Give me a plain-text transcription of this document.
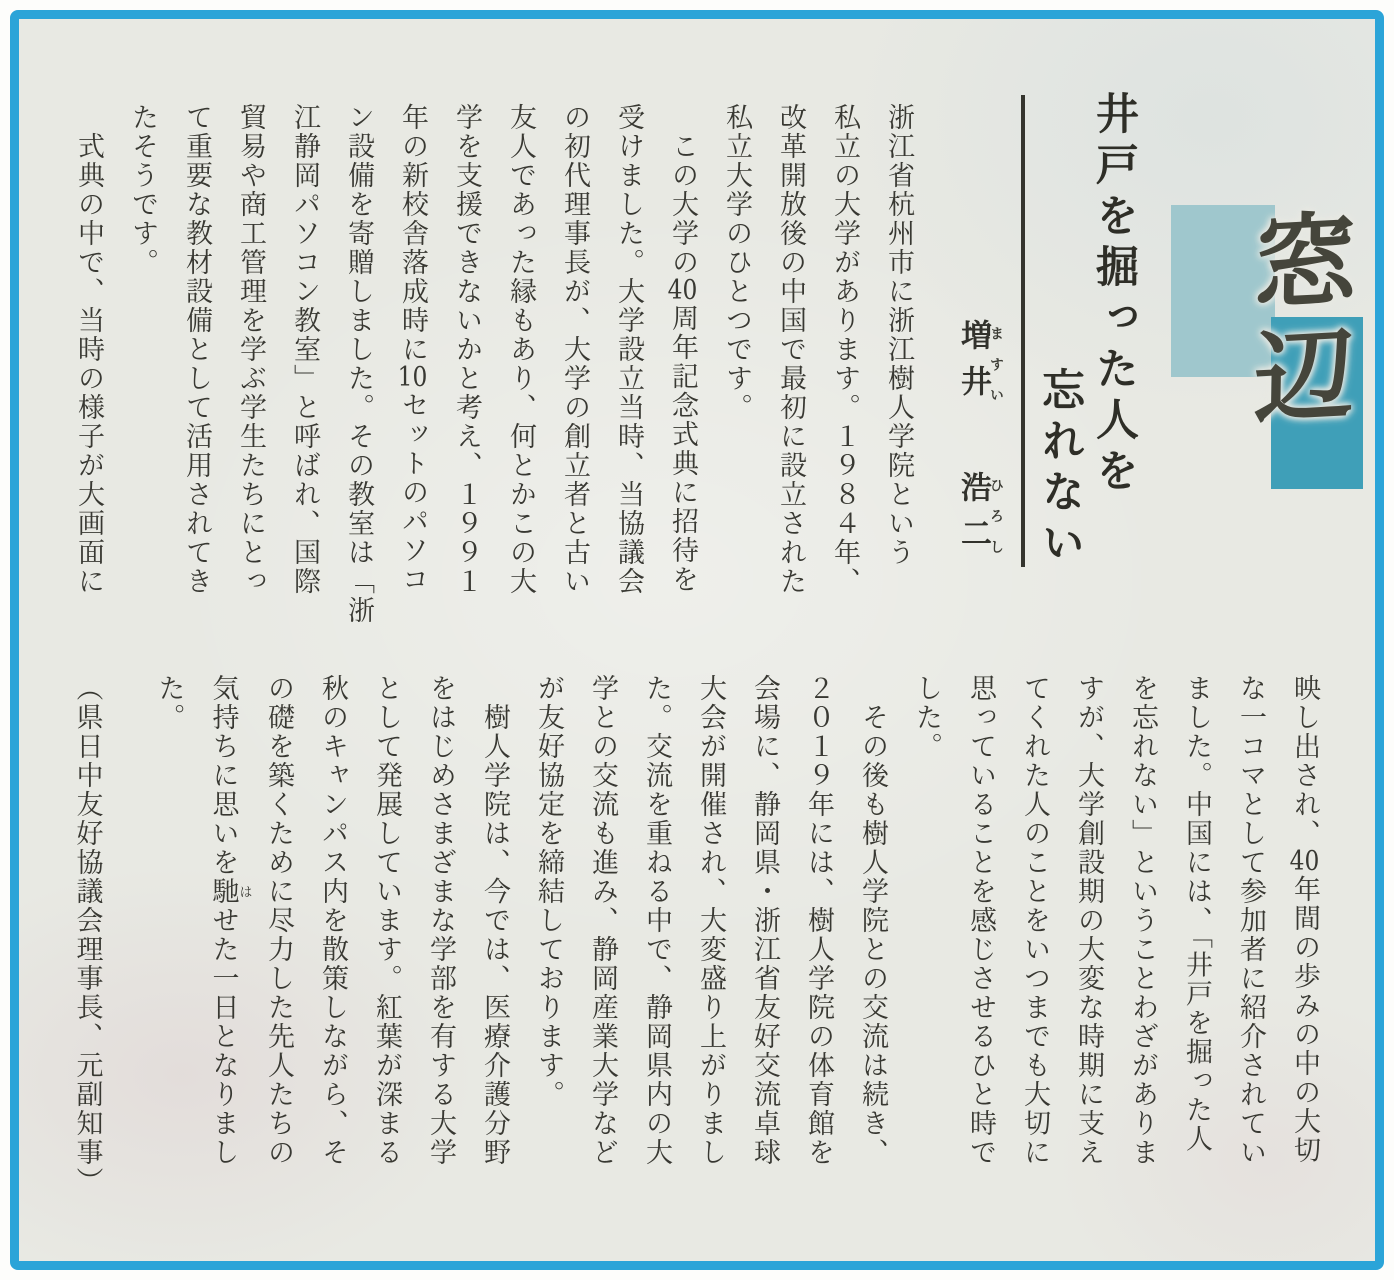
窓辺
井戸を掘った人を
忘れない
増井ますい 浩二ひろし
浙江省杭州市に浙江樹人学院という
私立の大学があります。１９８４年、
改革開放後の中国で最初に設立された
私立大学のひとつです。
　この大学の40周年記念式典に招待を
受けました。大学設立当時、当協議会
の初代理事長が、大学の創立者と古い
友人であった縁もあり、何とかこの大
学を支援できないかと考え、１９９１
年の新校舎落成時に10セットのパソコ
ン設備を寄贈しました。その教室は「浙
江静岡パソコン教室」と呼ばれ、国際
貿易や商工管理を学ぶ学生たちにとっ
て重要な教材設備として活用されてき
たそうです。
　式典の中で、当時の様子が大画面に
映し出され、40年間の歩みの中の大切
な一コマとして参加者に紹介されてい
ました。中国には、「井戸を掘った人
を忘れない」ということわざがありま
すが、大学創設期の大変な時期に支え
てくれた人のことをいつまでも大切に
思っていることを感じさせるひと時で
した。
　その後も樹人学院との交流は続き、
２０１９年には、樹人学院の体育館を
会場に、静岡県・浙江省友好交流卓球
大会が開催され、大変盛り上がりまし
た。交流を重ねる中で、静岡県内の大
学との交流も進み、静岡産業大学など
が友好協定を締結しております。
　樹人学院は、今では、医療介護分野
をはじめさまざまな学部を有する大学
として発展しています。紅葉が深まる
秋のキャンパス内を散策しながら、そ
の礎を築くために尽力した先人たちの
気持ちに思いを馳はせた一日となりまし
た。
（県日中友好協議会理事長、元副知事）
